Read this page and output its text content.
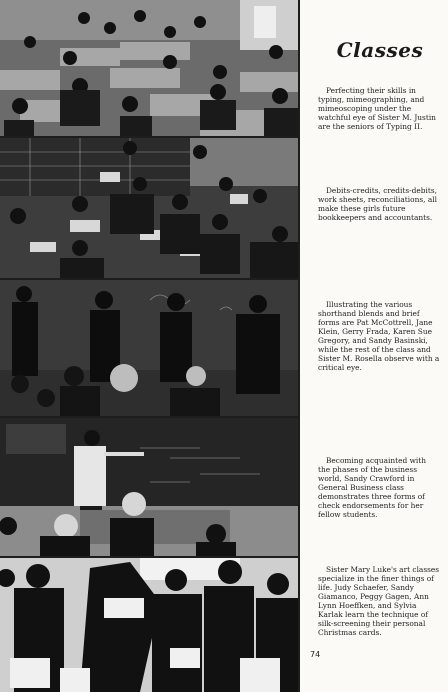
Classes

Perfecting their skills in typing, mimeographing, and mimeoscoping under the watchful eye of Sister M. Justin are the seniors of Typing II.

Debits-credits, credits-debits, work sheets, reconciliations, all make these girls future bookkeepers and accountants.

Illustrating the various shorthand blends and brief forms are Pat McCottrell, Jane Klein, Gerry Frada, Karen Sue Gregory, and Sandy Basinski, while the rest of the class and Sister M. Rosella observe with a critical eye.

Becoming acquainted with the phases of the business world, Sandy Crawford in General Business class demonstrates three forms of check endorsements for her fellow students.

Sister Mary Luke's art classes specialize in the finer things of life. Judy Schaefer, Sandy Giamanco, Peggy Gagen, Ann Lynn Hoeffken, and Sylvia Karlak learn the technique of silk-screening their personal Christmas cards.

74
